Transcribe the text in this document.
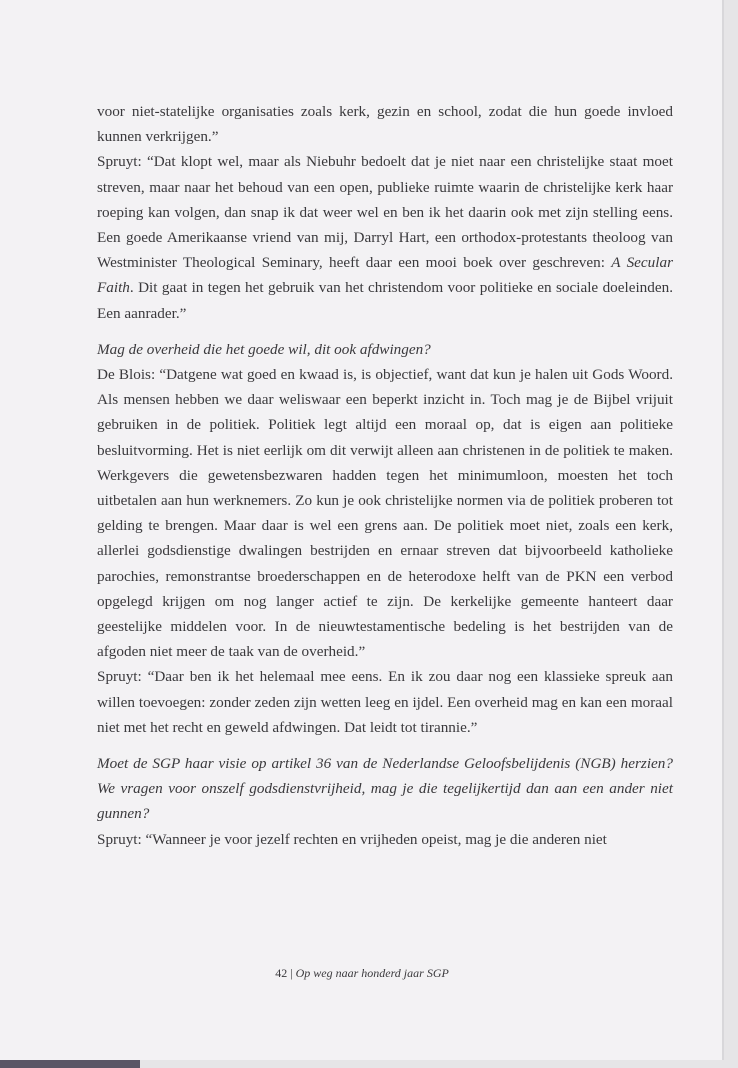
voor niet-statelijke organisaties zoals kerk, gezin en school, zodat die hun goede invloed kunnen verkrijgen.”

Spruyt: “Dat klopt wel, maar als Niebuhr bedoelt dat je niet naar een christelijke staat moet streven, maar naar het behoud van een open, publieke ruimte waarin de christelijke kerk haar roeping kan volgen, dan snap ik dat weer wel en ben ik het daarin ook met zijn stelling eens. Een goede Amerikaanse vriend van mij, Darryl Hart, een orthodox-protestants theoloog van Westminister Theological Seminary, heeft daar een mooi boek over geschreven: A Secular Faith. Dit gaat in tegen het gebruik van het christendom voor politieke en sociale doeleinden. Een aanrader.”

Mag de overheid die het goede wil, dit ook afdwingen?

De Blois: “Datgene wat goed en kwaad is, is objectief, want dat kun je halen uit Gods Woord. Als mensen hebben we daar weliswaar een beperkt inzicht in. Toch mag je de Bijbel vrijuit gebruiken in de politiek. Politiek legt altijd een moraal op, dat is eigen aan politieke besluitvorming. Het is niet eerlijk om dit verwijt alleen aan christenen in de politiek te maken. Werkgevers die gewetensbezwaren hadden tegen het minimumloon, moesten het toch uitbetalen aan hun werknemers. Zo kun je ook christelijke normen via de politiek proberen tot gelding te brengen. Maar daar is wel een grens aan. De politiek moet niet, zoals een kerk, allerlei godsdienstige dwalingen bestrijden en ernaar streven dat bijvoorbeeld katholieke parochies, remonstrantse broederschappen en de heterodoxe helft van de PKN een verbod opgelegd krijgen om nog langer actief te zijn. De kerkelijke gemeente hanteert daar geestelijke middelen voor. In de nieuwtestamentische bedeling is het bestrijden van de afgoden niet meer de taak van de overheid.”

Spruyt: “Daar ben ik het helemaal mee eens. En ik zou daar nog een klassieke spreuk aan willen toevoegen: zonder zeden zijn wetten leeg en ijdel. Een overheid mag en kan een moraal niet met het recht en geweld afdwingen. Dat leidt tot tirannie.”

Moet de SGP haar visie op artikel 36 van de Nederlandse Geloofsbelijdenis (NGB) herzien? We vragen voor onszelf godsdienstvrijheid, mag je die tegelijkertijd dan aan een ander niet gunnen?

Spruyt: “Wanneer je voor jezelf rechten en vrijheden opeist, mag je die anderen niet

42 | Op weg naar honderd jaar SGP
